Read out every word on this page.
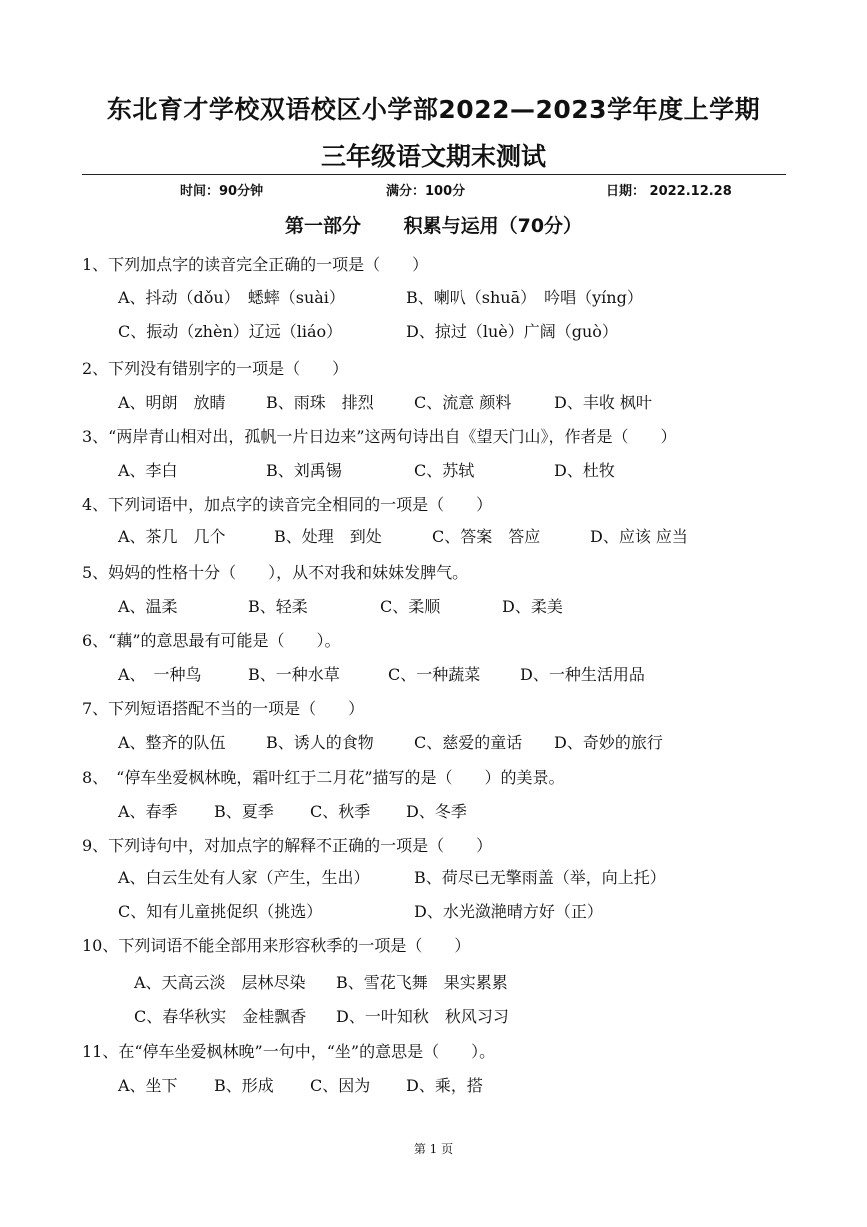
东北育才学校双语校区小学部2022—2023学年度上学期
三年级语文期末测试
时间：90分钟	满分：100分	日期： 2022.12.28
第一部分 积累与运用（70分）
1、下列加点字的读音完全正确的一项是（　　）
A、抖动（dǒu）　蟋蟀（suài）	B、喇叭（shuā）　吟唱（yíng）
C、振动（zhèn）辽远（liáo）	D、掠过（luè）广阔（guò）
2、下列没有错别字的一项是（　　）
A、明朗　放睛	B、雨珠　排烈	C、流意 颜料	D、丰收 枫叶
3、“两岸青山相对出，孤帆一片日边来”这两句诗出自《望天门山》，作者是（　　）
A、李白	B、刘禹锡	C、苏轼	D、杜牧
4、下列词语中，加点字的读音完全相同的一项是（　　）
A、茶几　几个	B、处理　到处	C、答案　答应	D、应该 应当
5、妈妈的性格十分（　　），从不对我和妹妹发脾气。
A、温柔	B、轻柔	C、柔顺	D、柔美
6、“藕”的意思最有可能是（　　）。
A、　一种鸟	B、一种水草	C、一种蔬菜 D、一种生活用品
7、下列短语搭配不当的一项是（　　）
A、整齐的队伍	B、诱人的食物	C、慈爱的童话 D、奇妙的旅行
8、　“停车坐爱枫林晚，霜叶红于二月花”描写的是（　　）的美景。
A、春季 B、夏季 C、秋季 D、冬季
9、下列诗句中，对加点字的解释不正确的一项是（　　）
A、白云生处有人家（产生，生出）	B、荷尽已无擎雨盖（举，向上托）
C、知有儿童挑促织（挑选）	D、水光潋滟晴方好（正）
10、下列词语不能全部用来形容秋季的一项是（　　）
A、天高云淡　层林尽染 B、雪花飞舞　果实累累
C、春华秋实　金桂飘香 D、一叶知秋　秋风习习
11、在“停车坐爱枫林晚”一句中，“坐”的意思是（　　）。
A、坐下 B、形成 C、因为 D、乘，搭
第 1 页
